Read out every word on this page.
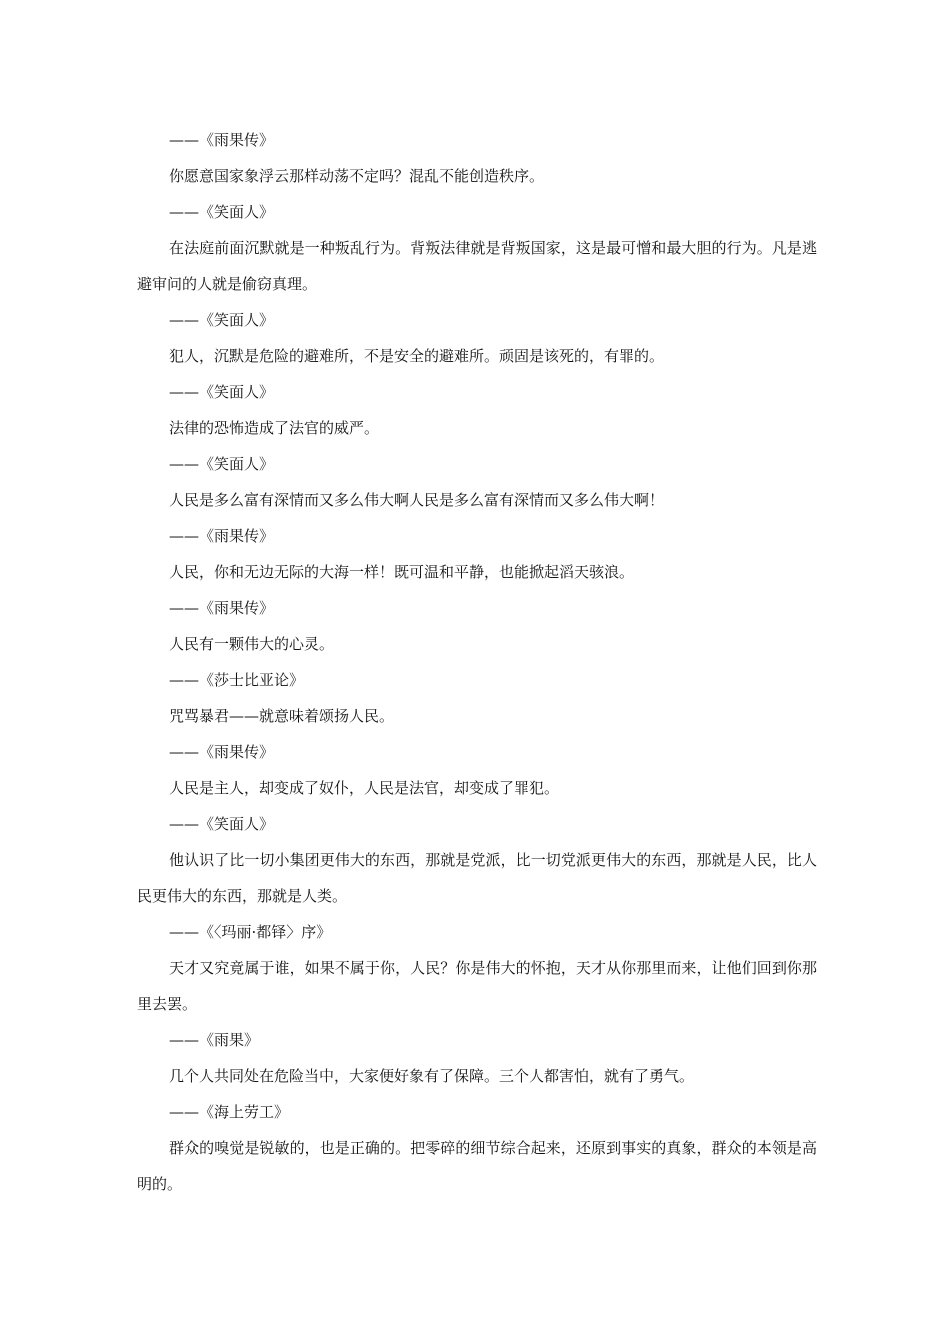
——《雨果传》

你愿意国家象浮云那样动荡不定吗？混乱不能创造秩序。

——《笑面人》

在法庭前面沉默就是一种叛乱行为。背叛法律就是背叛国家，这是最可憎和最大胆的行为。凡是逃避审问的人就是偷窃真理。

——《笑面人》

犯人，沉默是危险的避难所，不是安全的避难所。顽固是该死的，有罪的。

——《笑面人》

法律的恐怖造成了法官的威严。

——《笑面人》

人民是多么富有深情而又多么伟大啊人民是多么富有深情而又多么伟大啊！

——《雨果传》

人民，你和无边无际的大海一样！既可温和平静，也能掀起滔天骇浪。

——《雨果传》

人民有一颗伟大的心灵。

——《莎士比亚论》

咒骂暴君——就意味着颂扬人民。

——《雨果传》

人民是主人，却变成了奴仆，人民是法官，却变成了罪犯。

——《笑面人》

他认识了比一切小集团更伟大的东西，那就是党派，比一切党派更伟大的东西，那就是人民，比人民更伟大的东西，那就是人类。

——《〈玛丽·都铎〉序》

天才又究竟属于谁，如果不属于你，人民？你是伟大的怀抱，天才从你那里而来，让他们回到你那里去罢。

——《雨果》

几个人共同处在危险当中，大家便好象有了保障。三个人都害怕，就有了勇气。

——《海上劳工》

群众的嗅觉是锐敏的，也是正确的。把零碎的细节综合起来，还原到事实的真象，群众的本领是高明的。
